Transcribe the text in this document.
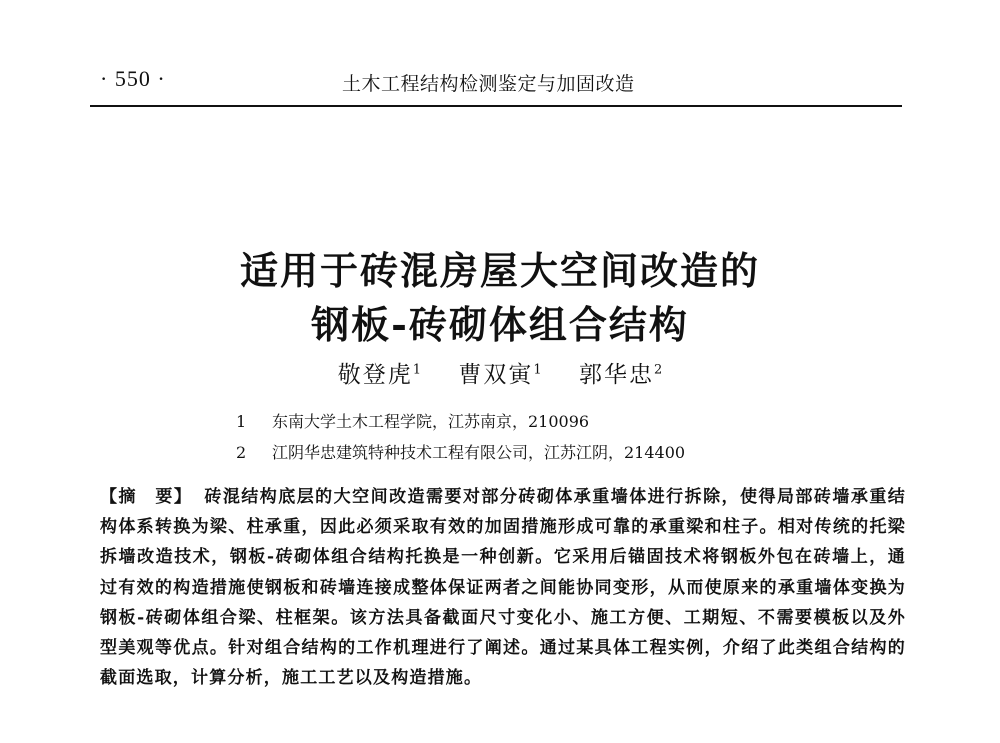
· 550 ·	土木工程结构检测鉴定与加固改造
适用于砖混房屋大空间改造的
钢板-砖砌体组合结构
敬登虎$^1$ 曹双寅$^1$ 郭华忠$^2$
1 东南大学土木工程学院，江苏南京，210096
2 江阴华忠建筑特种技术工程有限公司，江苏江阴，214400
【摘　要】 砖混结构底层的大空间改造需要对部分砖砌体承重墙体进行拆除，使得局部砖墙承重结构体系转换为梁、柱承重，因此必须采取有效的加固措施形成可靠的承重梁和柱子。相对传统的托梁拆墙改造技术，钢板-砖砌体组合结构托换是一种创新。它采用后锚固技术将钢板外包在砖墙上，通过有效的构造措施使钢板和砖墙连接成整体保证两者之间能协同变形，从而使原来的承重墙体变换为钢板-砖砌体组合梁、柱框架。该方法具备截面尺寸变化小、施工方便、工期短、不需要模板以及外型美观等优点。针对组合结构的工作机理进行了阐述。通过某具体工程实例，介绍了此类组合结构的截面选取，计算分析，施工工艺以及构造措施。
